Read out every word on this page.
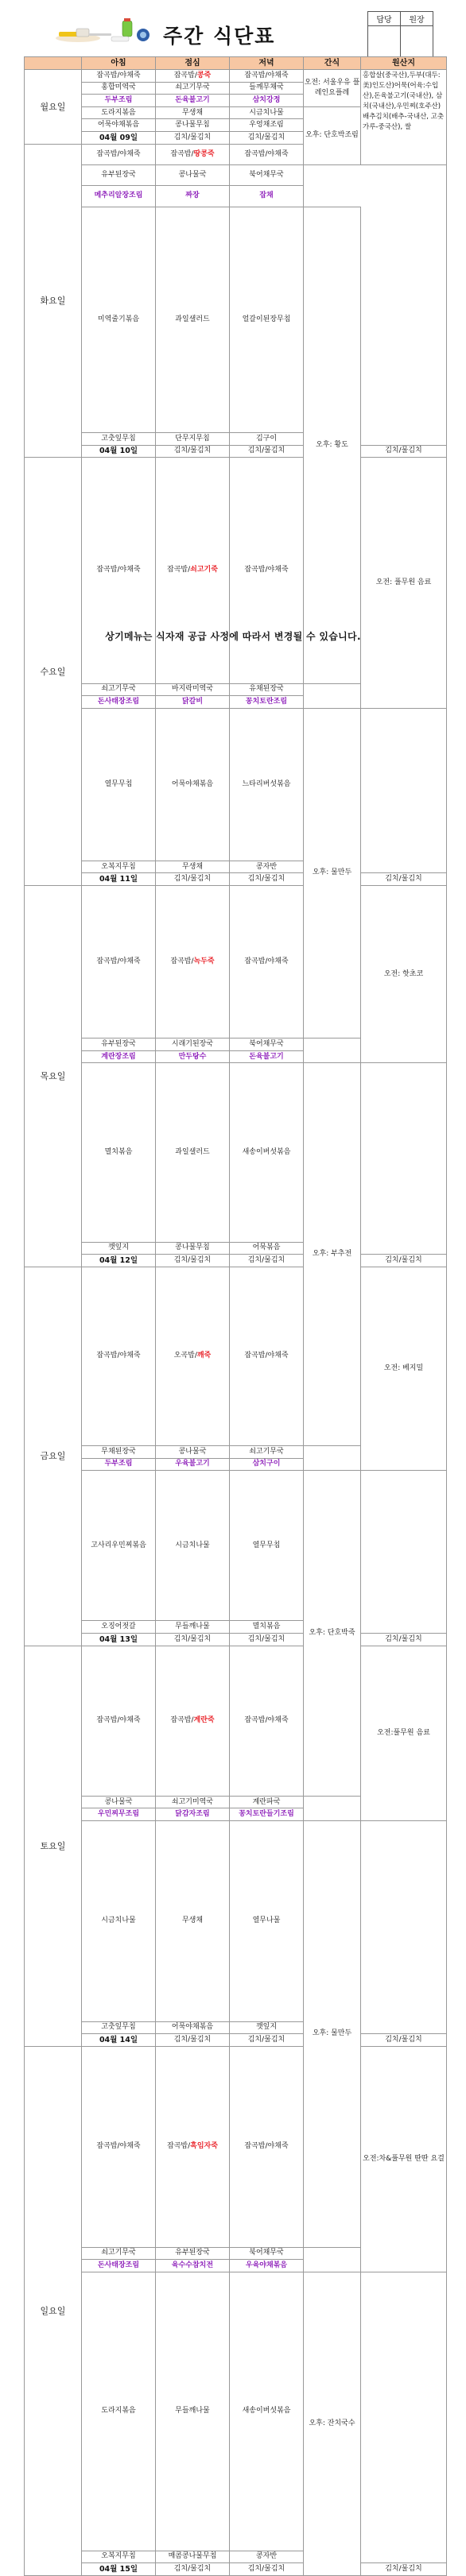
주간 식단표
담당	원장

	아침	점심	저녁	간식	원산지	
월요일	잡곡밥/야채죽	잡곡밥/콩죽	잡곡밥/야채죽	오전: 서울우유 플레인요플레	홍합살(중국산),두부(대두:美)인도산)어묵(어육:수입산),돈육불고기(국내산), 삼치(국내산),우민찌(호주산)배추김치(배추-국내산, 고춧가루-중국산), 쌀	
	홍합미역국	쇠고기무국	들깨무채국			
	두부조림	돈육불고기	삼치강정			
	도라지볶음	무생채	시금치나물	오후: 단호박조림		
	어묵야채볶음	콩나물무침	우엉채조림			
	04월 09일	김치/물김치	김치/물김치	
화요일	잡곡밥/야채죽	잡곡밥/땅콩죽	잡곡밥/야채죽		
	유부된장국	콩나물국	북어채무국			
	메추리알장조림	짜장	잡채			
	미역줄기볶음	과일샐러드	얼갈이된장무침	오후: 황도		
	고춧잎무침	단무지무침	김구이			
	04월 10일	김치/물김치	김치/물김치		김치/물김치	
수요일	잡곡밥/야채죽	잡곡밥/쇠고기죽	잡곡밥/야채죽		오전: 풀무원 음료	
	쇠고기무국	바지락미역국	유채된장국			
	돈사태장조림	닭갈비	꽁치토란조림			
	열무무침	어묵야채볶음	느타리버섯볶음	오후: 물만두		
	오복지무침	무생채	콩자반			
	04월 11일	김치/물김치	김치/물김치		김치/물김치	
목요일	잡곡밥/야채죽	잡곡밥/녹두죽	잡곡밥/야채죽		오전: 핫초코	
	유부된장국	시래기된장국	북어채무국			
	계란장조림	만두탕수	돈육불고기			
	멸치볶음	과일샐러드	새송이버섯볶음	오후: 부추전		
	깻잎지	콩나물무침	어묵볶음			
	04월 12일	김치/물김치	김치/물김치		김치/물김치	
금요일	잡곡밥/야채죽	오곡밥/깨죽	잡곡밥/야채죽		오전: 베지밀	
	무채된장국	콩나물국	쇠고기무국			
	두부조림	우육불고기	삼치구이			
	고사리우민찌볶음	시금치나물	열무무침	오후: 단호박죽		
	오징어젓갈	무들깨나물	멸치볶음			
	04월 13일	김치/물김치	김치/물김치		김치/물김치	
토요일	잡곡밥/야채죽	잡곡밥/계란죽	잡곡밥/야채죽		오전:풀무원 음료	
	콩나물국	쇠고기미역국	계란파국			
	우민찌무조림	닭감자조림	꽁치토란들기조림			
	시금치나물	무생채	열무나물	오후: 물만두		
	고춧잎무침	어묵야채볶음	깻잎지			
	04월 14일	김치/물김치	김치/물김치		김치/물김치	
일요일	잡곡밥/야채죽	잡곡밥/흑임자죽	잡곡밥/야채죽		오전:차&풀무원 딴딴 요걸	
	쇠고기무국	유부된장국	북어채무국			
	돈사태장조림	육수수참치전	우육야채볶음			
	도라지볶음	무들깨나물	새송이버섯볶음	오후: 잔치국수		
	오복지무침	매콤콩나물무침	콩자반			
	04월 15일	김치/물김치	김치/물김치		김치/물김치	
상기메뉴는 식자재 공급 사정에 따라서 변경될 수 있습니다.
